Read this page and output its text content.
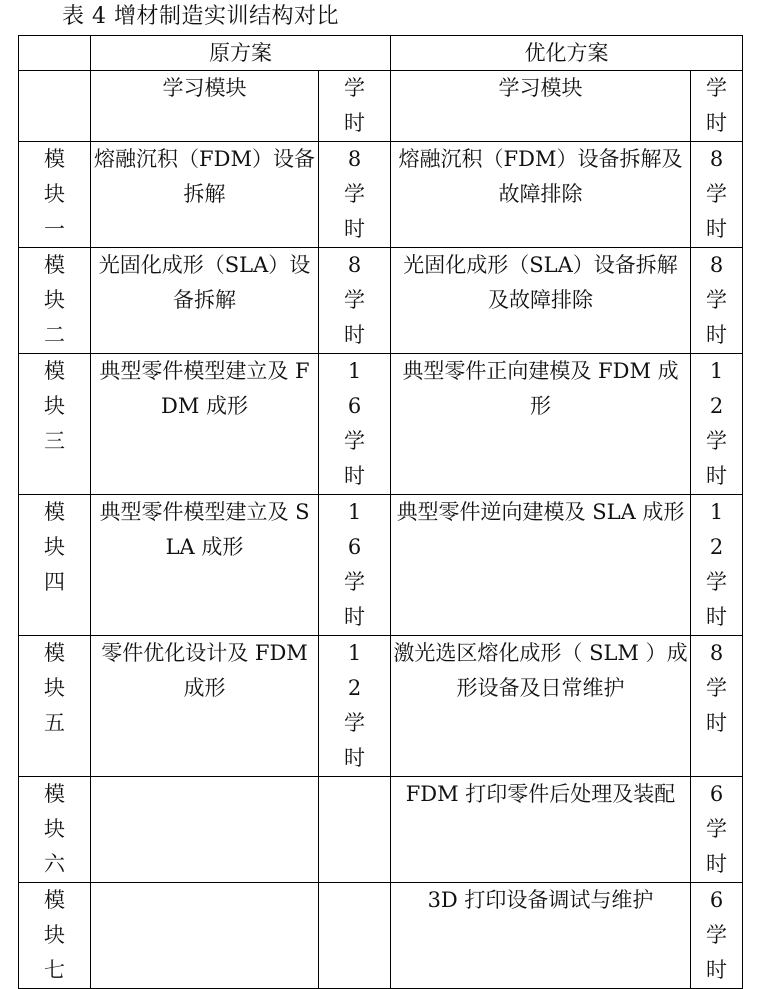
表 4 增材制造实训结构对比
	原方案		优化方案	
	学习模块	学时	学习模块	学时

模块一	熔融沉积（FDM）设备拆解	8学时	熔融沉积（FDM）设备拆解及故障排除	8学时

模块二	光固化成形（SLA）设备拆解	8学时	光固化成形（SLA）设备拆解及故障排除	8学时

模块三	典型零件模型建立及 FDM 成形	16学时	典型零件正向建模及 FDM 成形	12学时

模块四	典型零件模型建立及 SLA 成形	16学时	典型零件逆向建模及 SLA 成形	12学时

模块五	零件优化设计及 FDM 成形	12学时	激光选区熔化成形（ SLM ）成形设备及日常维护	8学时

模块六			FDM 打印零件后处理及装配	6学时

模块七			3D 打印设备调试与维护	6学时
